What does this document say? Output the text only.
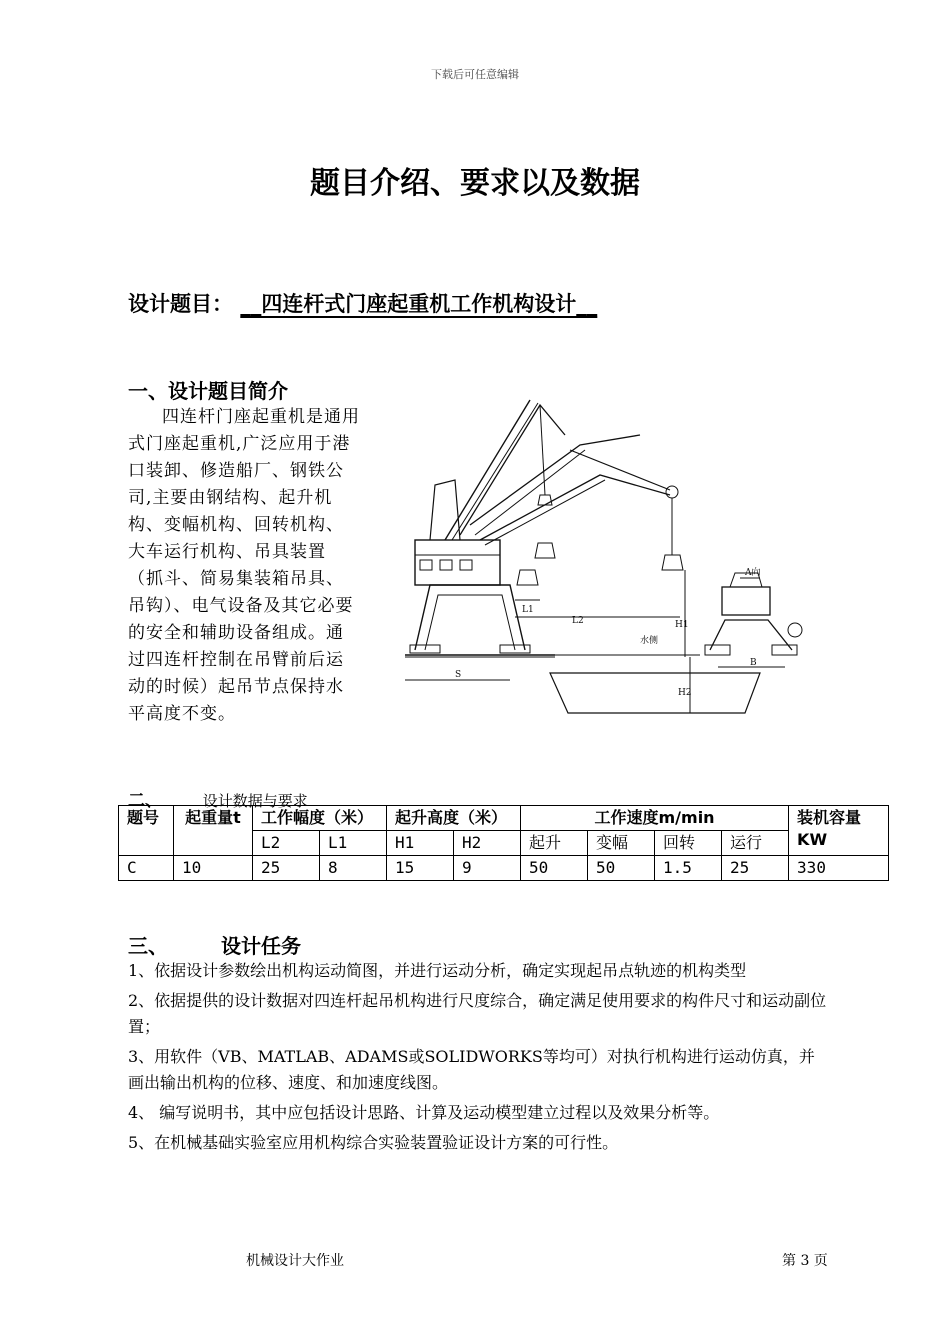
下载后可任意编辑
题目介绍、要求以及数据
设计题目： __四连杆式门座起重机工作机构设计__
一、设计题目简介
四连杆门座起重机是通用式门座起重机,广泛应用于港口装卸、修造船厂、钢铁公司,主要由钢结构、起升机构、变幅机构、回转机构、大车运行机构、吊具装置（抓斗、简易集装箱吊具、吊钩）、电气设备及其它必要的安全和辅助设备组成。通过四连杆控制在吊臂前后运动的时候）起吊节点保持水平高度不变。
水侧
L1
L2	H1
H2
S
A向
B
二、	设计数据与要求
题号	起重量t	工作幅度（米）		起升高度（米）		工作速度m/min				装机容量KW
		L2	L1	H1	H2	起升	变幅	回转	运行	
C	10	25	8	15	9	50	50	1.5	25	330
三、	设计任务

1、依据设计参数绘出机构运动简图，并进行运动分析，确定实现起吊点轨迹的机构类型

2、依据提供的设计数据对四连杆起吊机构进行尺度综合，确定满足使用要求的构件尺寸和运动副位置；

3、用软件（VB、MATLAB、ADAMS或SOLIDWORKS等均可）对执行机构进行运动仿真，并画出输出机构的位移、速度、和加速度线图。

4、 编写说明书，其中应包括设计思路、计算及运动模型建立过程以及效果分析等。

5、在机械基础实验室应用机构综合实验装置验证设计方案的可行性。

机械设计大作业	第 3 页
